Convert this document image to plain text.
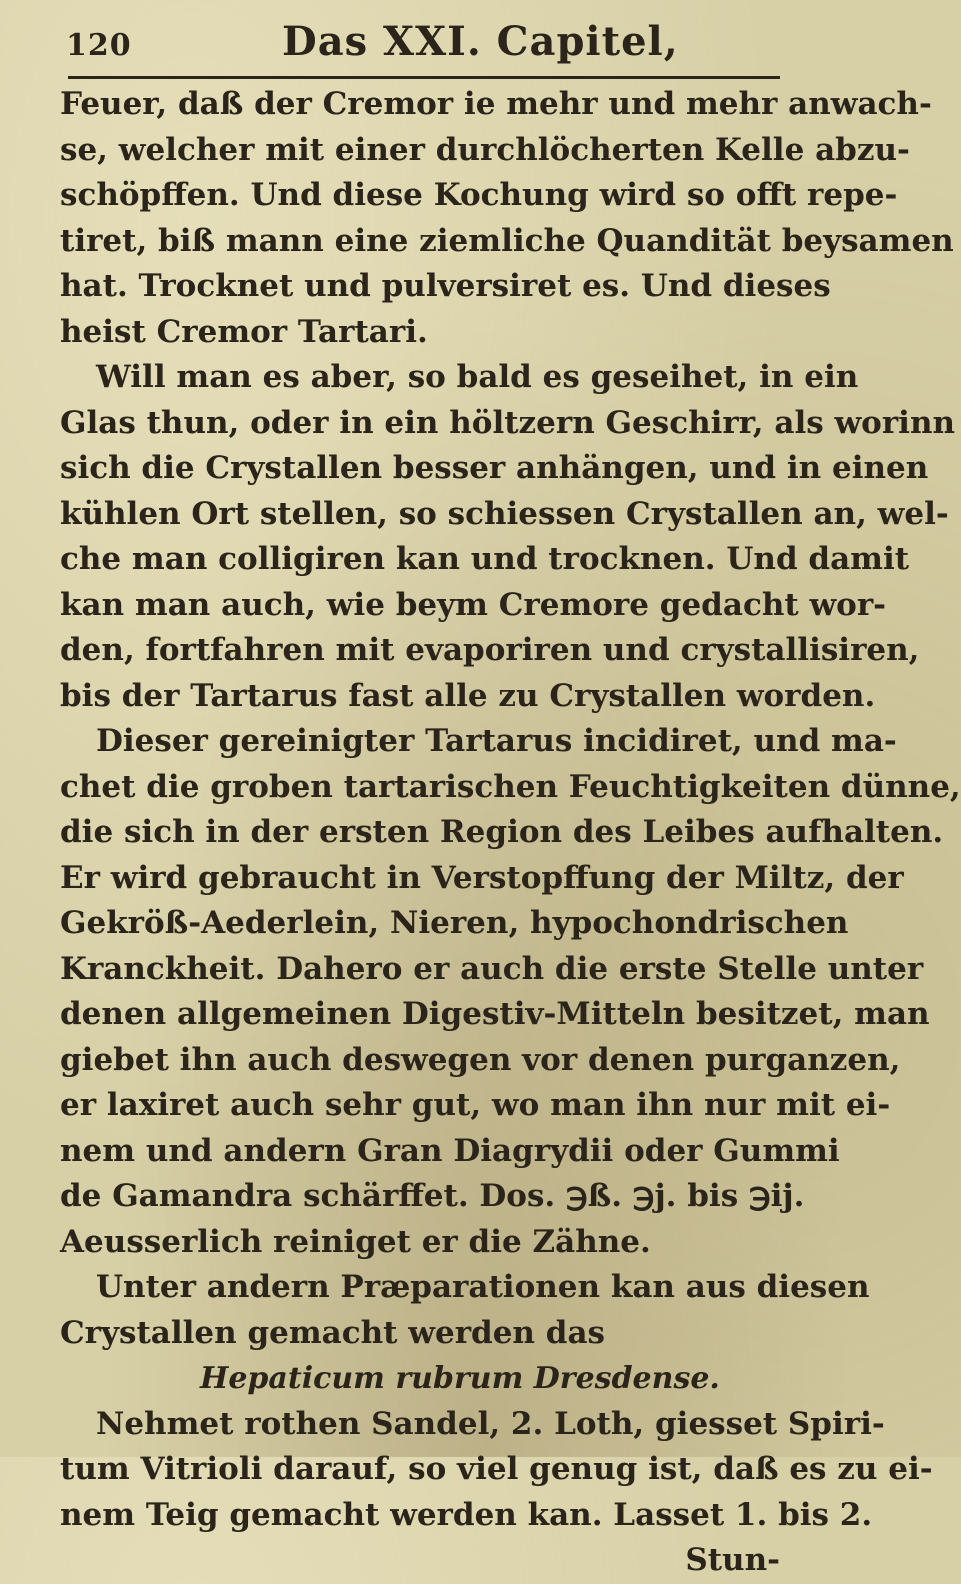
120	Das XXI. Capitel,
Feuer, daß der Cremor ie mehr und mehr anwach-
se, welcher mit einer durchlöcherten Kelle abzu-
schöpffen. Und diese Kochung wird so offt repe-
tiret, biß mann eine ziemliche Quandität beysamen
hat. Trocknet und pulversiret es. Und dieses
heist Cremor Tartari.
Will man es aber, so bald es geseihet, in ein
Glas thun, oder in ein höltzern Geschirr, als worinn
sich die Crystallen besser anhängen, und in einen
kühlen Ort stellen, so schiessen Crystallen an, wel-
che man colligiren kan und trocknen. Und damit
kan man auch, wie beym Cremore gedacht wor-
den, fortfahren mit evaporiren und crystallisiren,
bis der Tartarus fast alle zu Crystallen worden.
Dieser gereinigter Tartarus incidiret, und ma-
chet die groben tartarischen Feuchtigkeiten dünne,
die sich in der ersten Region des Leibes aufhalten.
Er wird gebraucht in Verstopffung der Miltz, der
Gekröß-Aederlein, Nieren, hypochondrischen
Kranckheit. Dahero er auch die erste Stelle unter
denen allgemeinen Digestiv-Mitteln besitzet, man
giebet ihn auch deswegen vor denen purganzen,
er laxiret auch sehr gut, wo man ihn nur mit ei-
nem und andern Gran Diagrydii oder Gummi
de Gamandra schärffet. Dos. ℈ß. ℈j. bis ℈ij.
Aeusserlich reiniget er die Zähne.
Unter andern Præparationen kan aus diesen
Crystallen gemacht werden das
Hepaticum rubrum Dresdense.
Nehmet rothen Sandel, 2. Loth, giesset Spiri-
tum Vitrioli darauf, so viel genug ist, daß es zu ei-
nem Teig gemacht werden kan. Lasset 1. bis 2.
Stun-
